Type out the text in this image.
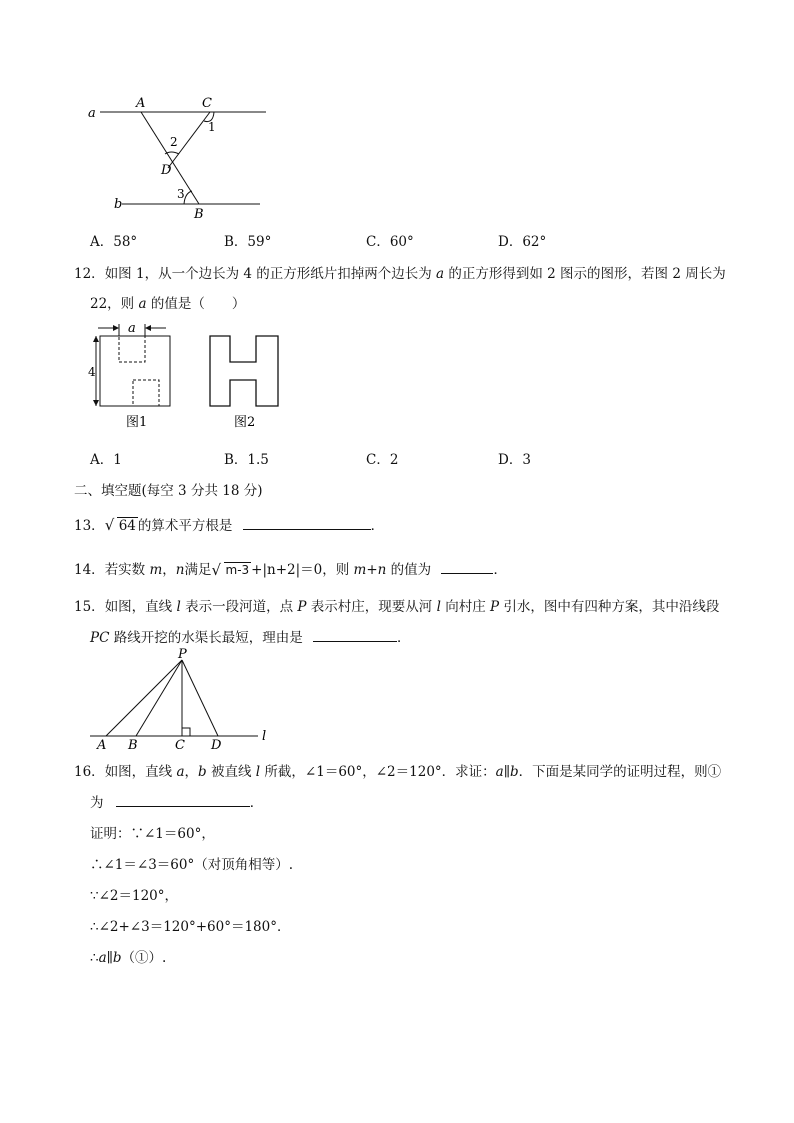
a
b
A	C
D
B
1
2
3
A．58°	B．59°	C．60°	D．62°
12．如图 1，从一个边长为 4 的正方形纸片扣掉两个边长为 a 的正方形得到如 2 图示的图形，若图 2 周长为
22，则 a 的值是（　　）
a
4
图1	图2
A．1	B．1.5	C．2	D．3
二、填空题(每空 3 分共 18 分)
13． √ 64 的算术平方根是	．
14．若实数 m，n满足 √ m-3 +|n+2|＝0，则 m+n 的值为	．
15．如图，直线 l 表示一段河道，点 P 表示村庄，现要从河 l 向村庄 P 引水，图中有四种方案，其中沿线段
PC 路线开挖的水渠长最短，理由是	．
P
A B	C D
l
16．如图，直线 a，b 被直线 l 所截，∠1＝60°，∠2＝120°．求证：a∥b．下面是某同学的证明过程，则①
为	．
证明：∵∠1＝60°，
∴∠1＝∠3＝60°（对顶角相等）.
∵∠2＝120°，
∴∠2+∠3＝120°+60°＝180°．
∴a∥b（①）.
